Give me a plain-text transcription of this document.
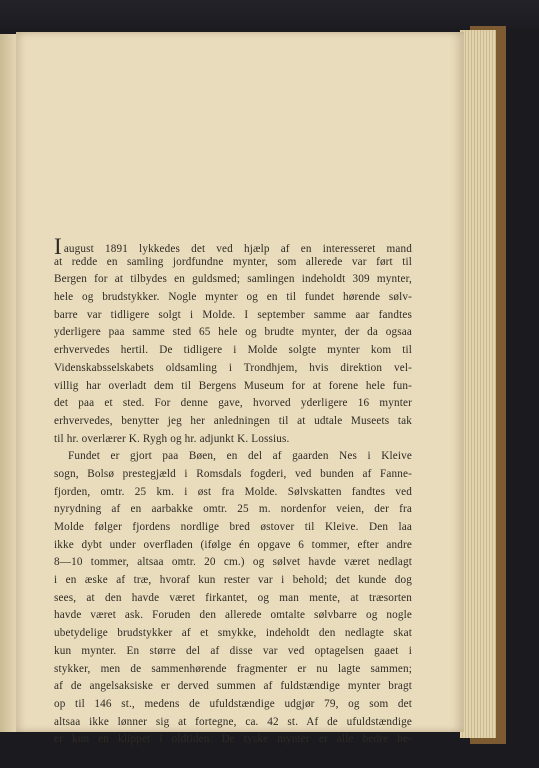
Iaugust 1891 lykkedes det ved hjælp af en interesseret mand
at redde en samling jordfundne mynter, som allerede var ført til
Bergen for at tilbydes en guldsmed; samlingen indeholdt 309 mynter,
hele og brudstykker. Nogle mynter og en til fundet hørende sølv-
barre var tidligere solgt i Molde. I september samme aar fandtes
yderligere paa samme sted 65 hele og brudte mynter, der da ogsaa
erhvervedes hertil. De tidligere i Molde solgte mynter kom til
Videnskabsselskabets oldsamling i Trondhjem, hvis direktion vel-
villig har overladt dem til Bergens Museum for at forene hele fun-
det paa et sted. For denne gave, hvorved yderligere 16 mynter
erhvervedes, benytter jeg her anledningen til at udtale Museets tak
til hr. overlærer K. Rygh og hr. adjunkt K. Lossius.
Fundet er gjort paa Bøen, en del af gaarden Nes i Kleive
sogn, Bolsø prestegjæld i Romsdals fogderi, ved bunden af Fanne-
fjorden, omtr. 25 km. i øst fra Molde. Sølvskatten fandtes ved
nyrydning af en aarbakke omtr. 25 m. nordenfor veien, der fra
Molde følger fjordens nordlige bred østover til Kleive. Den laa
ikke dybt under overfladen (ifølge én opgave 6 tommer, efter andre
8—10 tommer, altsaa omtr. 20 cm.) og sølvet havde været nedlagt
i en æske af træ, hvoraf kun rester var i behold; det kunde dog
sees, at den havde været firkantet, og man mente, at træsorten
havde været ask. Foruden den allerede omtalte sølvbarre og nogle
ubetydelige brudstykker af et smykke, indeholdt den nedlagte skat
kun mynter. En større del af disse var ved optagelsen gaaet i
stykker, men de sammenhørende fragmenter er nu lagte sammen;
af de angelsaksiske er derved summen af fuldstændige mynter bragt
op til 146 st., medens de ufuldstændige udgjør 79, og som det
altsaa ikke lønner sig at fortegne, ca. 42 st. Af de ufuldstændige
er kun en klippet i oldtiden. De tyske mynter er alle bedre be-
